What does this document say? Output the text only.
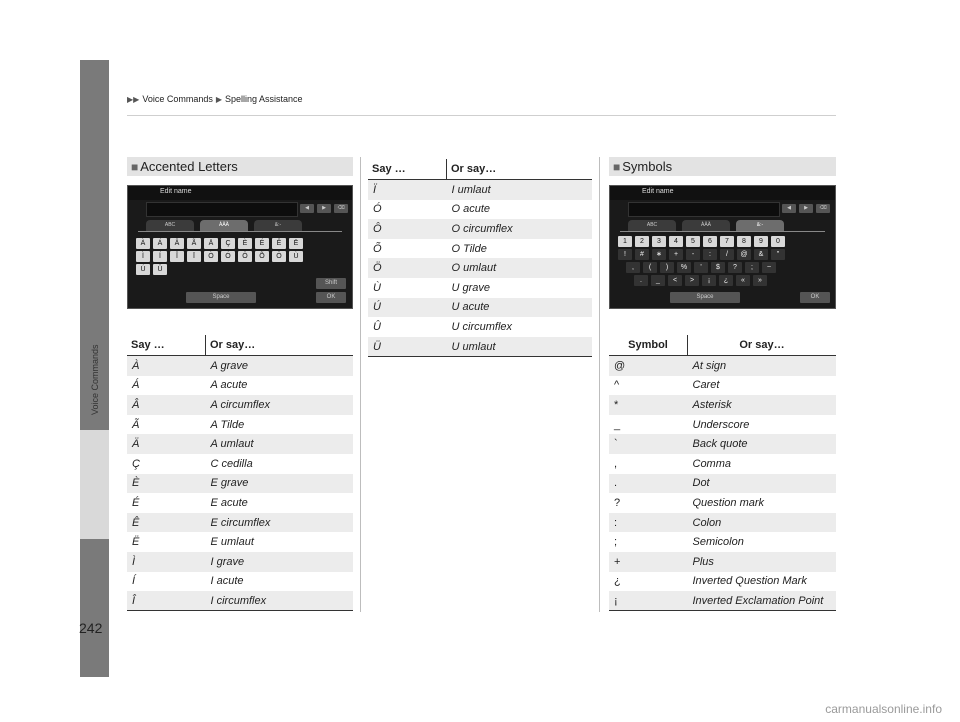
Voice Commands
242
▶▶ Voice Commands ▶ Spelling Assistance
■ Accented Letters
Edit name
◀	▶	⌫
ABC	ÀÄÄ	&:-
À	Á	Â	Ã	Ä	Ç	È	É	Ê	Ë
Ì	Í	Î	Ï	Ò	Ó	Ô	Õ	Ö	Ù
Ú	Û
Shift
Space	OK
Say …	Or say…
À	A grave
Á	A acute
Â	A circumflex
Ã	A Tilde
Ä	A umlaut
Ç	C cedilla
È	E grave
É	E acute
Ê	E circumflex
Ë	E umlaut
Ì	I grave
Í	I acute
Î	I circumflex
Say …	Or say…
Ï	I umlaut
Ó	O acute
Ô	O circumflex
Õ	O Tilde
Ö	O umlaut
Ù	U grave
Ú	U acute
Û	U circumflex
Ü	U umlaut
■ Symbols
Edit name
◀	▶	⌫
ABC	ÀÄÄ	&:-
1	2	3	4	5	6	7	8	9	0
!	#	∗	+	-	:	/	@	&	"
,	(	)	%	'	$	?	;	~
.	_	<	>	¡	¿	«	»
Space	OK
Symbol	Or say…
@	At sign
^	Caret
*	Asterisk
_	Underscore
`	Back quote
,	Comma
.	Dot
?	Question mark
:	Colon
;	Semicolon
+	Plus
¿	Inverted Question Mark
¡	Inverted Exclamation Point
carmanualsonline.info
